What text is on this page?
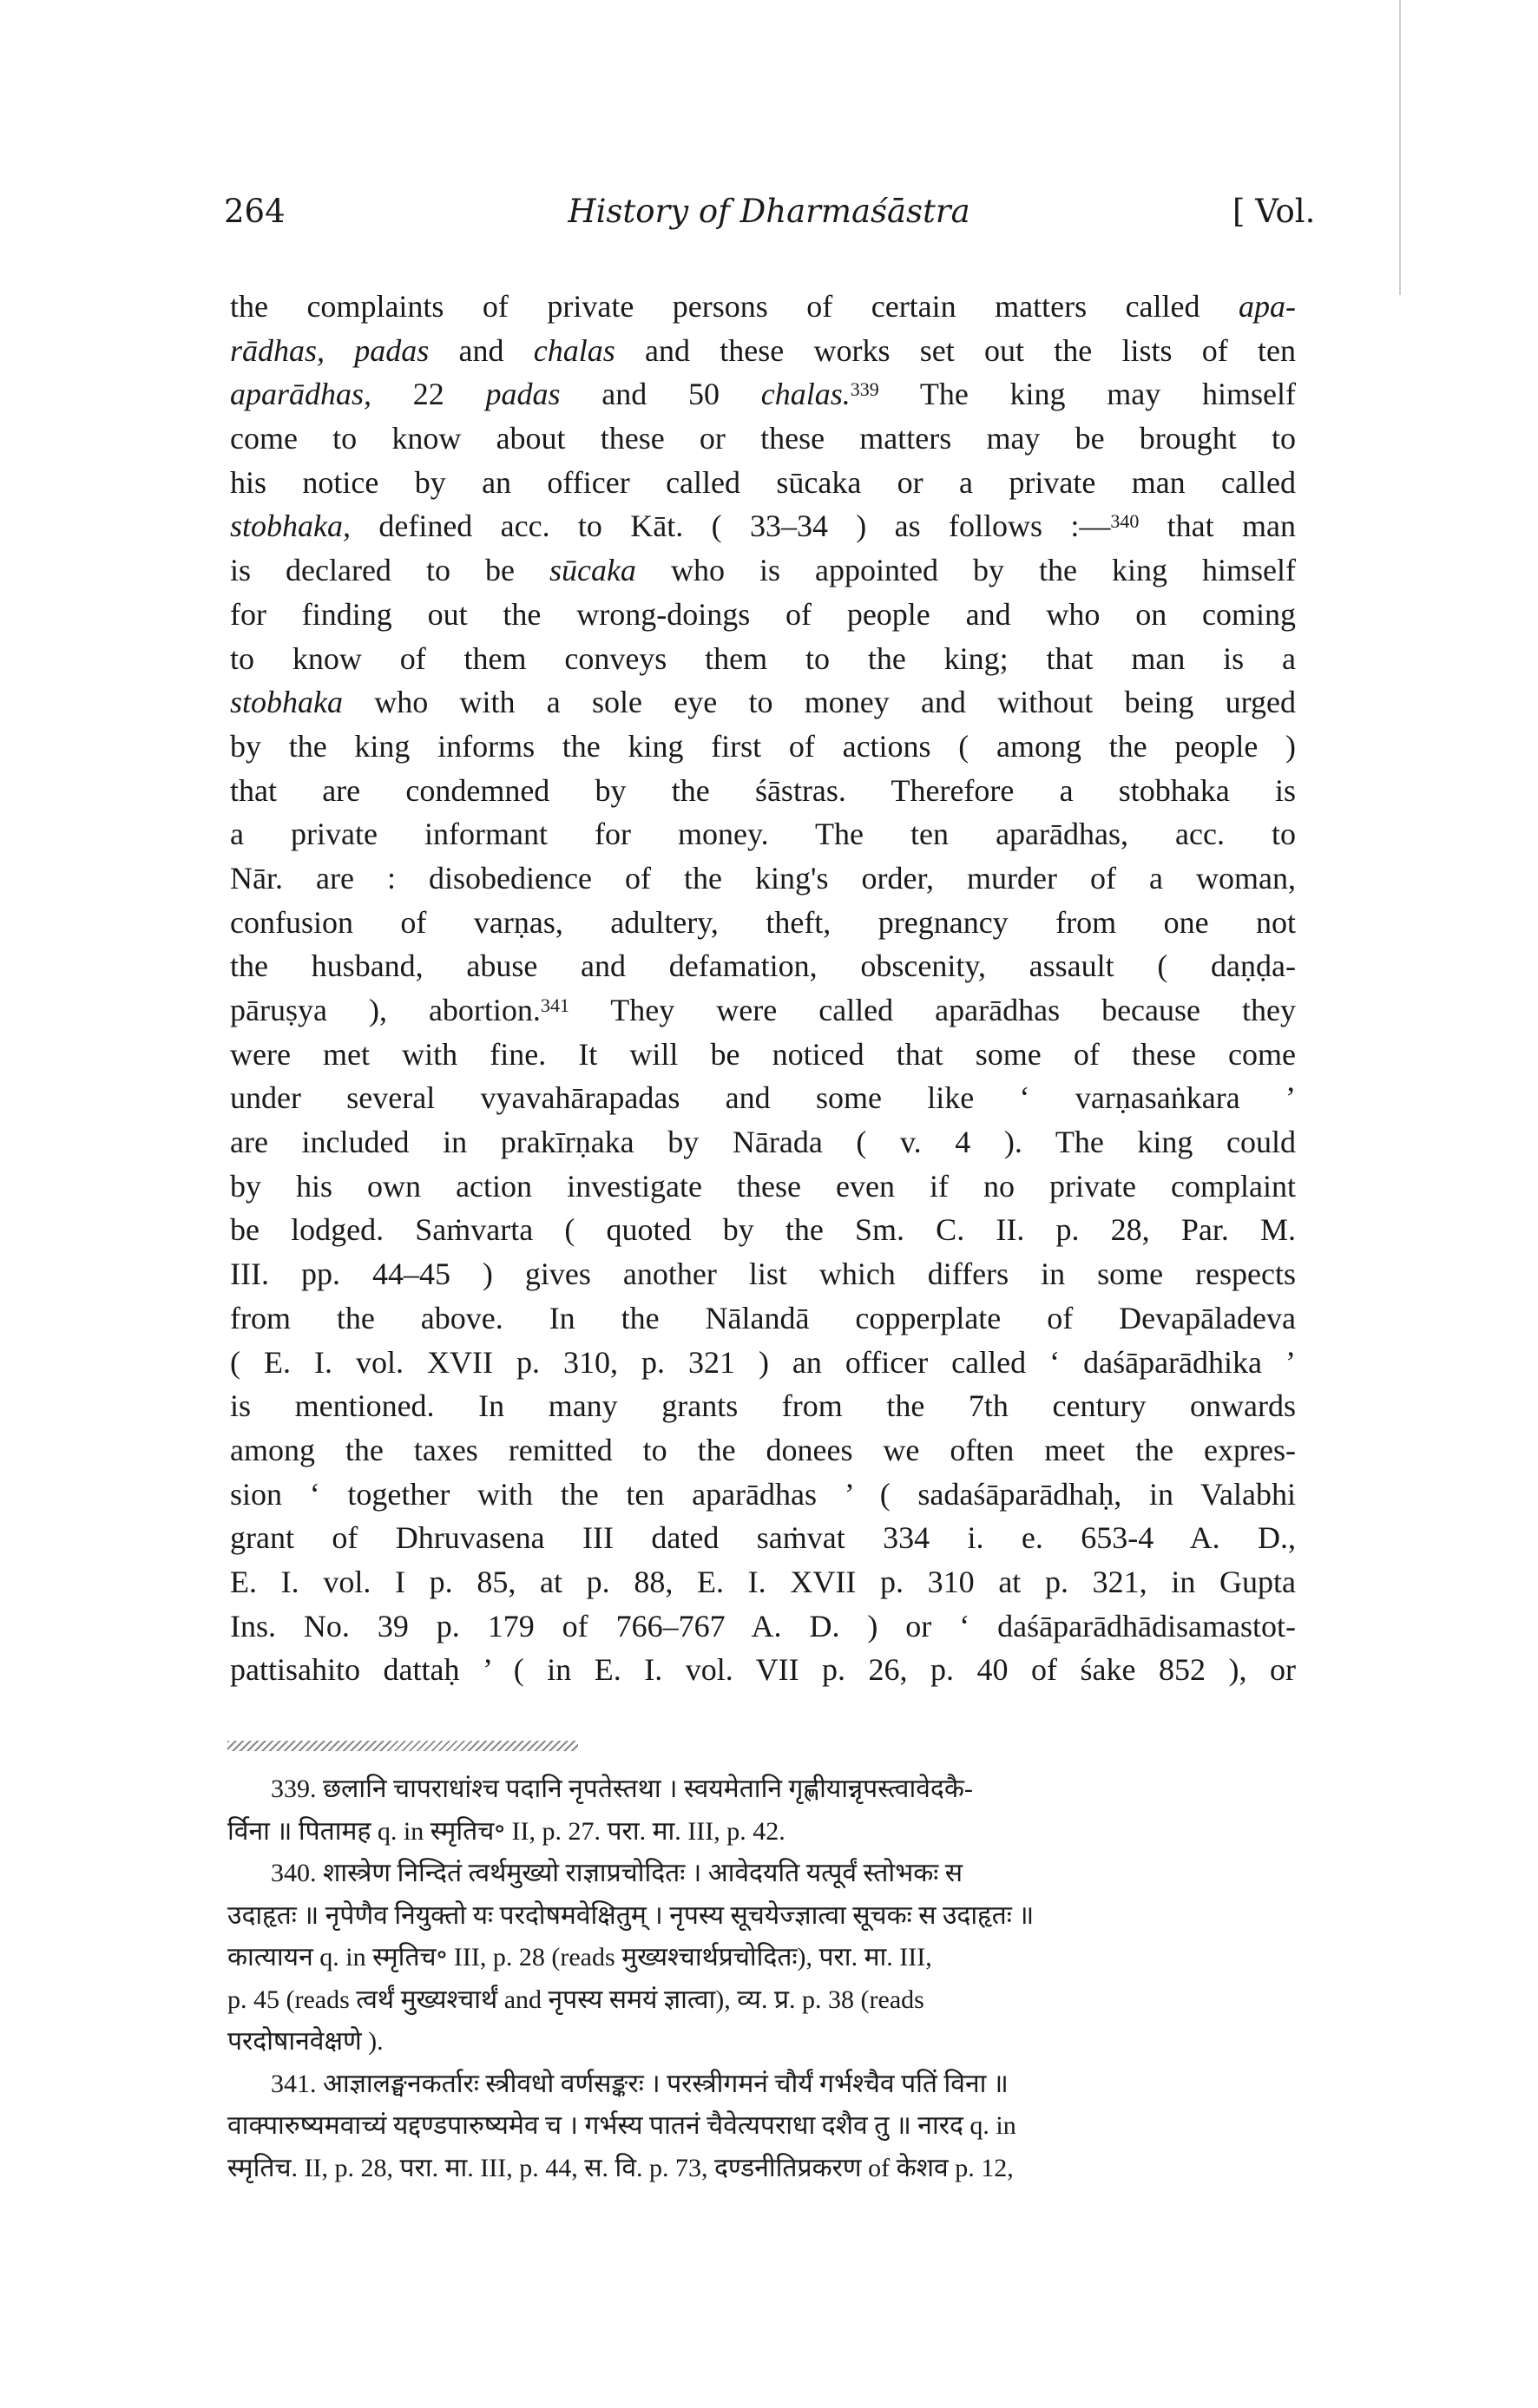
264	History of Dharmaśāstra	[ Vol.
the complaints of private persons of certain matters called apa-
rādhas, padas and chalas and these works set out the lists of ten
aparādhas, 22 padas and 50 chalas.$^{339}$ The king may himself
come to know about these or these matters may be brought to
his notice by an officer called sūcaka or a private man called
stobhaka, defined acc. to Kāt. ( 33–34 ) as follows :—$^{340}$ that man
is declared to be sūcaka who is appointed by the king himself
for finding out the wrong-doings of people and who on coming
to know of them conveys them to the king; that man is a
stobhaka who with a sole eye to money and without being urged
by the king informs the king first of actions ( among the people )
that are condemned by the śāstras. Therefore a stobhaka is
a private informant for money. The ten aparādhas, acc. to
Nār. are : disobedience of the king's order, murder of a woman,
confusion of varṇas, adultery, theft, pregnancy from one not
the husband, abuse and defamation, obscenity, assault ( daṇḍa-
pāruṣya ), abortion.$^{341}$ They were called aparādhas because they
were met with fine. It will be noticed that some of these come
under several vyavahārapadas and some like ‘ varṇasaṅkara ’
are included in prakīrṇaka by Nārada ( v. 4 ). The king could
by his own action investigate these even if no private complaint
be lodged. Saṁvarta ( quoted by the Sm. C. II. p. 28, Par. M.
III. pp. 44–45 ) gives another list which differs in some respects
from the above. In the Nālandā copperplate of Devapāladeva
( E. I. vol. XVII p. 310, p. 321 ) an officer called ‘ daśāparādhika ’
is mentioned. In many grants from the 7th century onwards
among the taxes remitted to the donees we often meet the expres-
sion ‘ together with the ten aparādhas ’ ( sadaśāparādhaḥ, in Valabhi
grant of Dhruvasena III dated saṁvat 334 i. e. 653-4 A. D.,
E. I. vol. I p. 85, at p. 88, E. I. XVII p. 310 at p. 321, in Gupta
Ins. No. 39 p. 179 of 766–767 A. D. ) or ‘ daśāparādhādisamastot-
pattisahito dattaḥ ’ ( in E. I. vol. VII p. 26, p. 40 of śake 852 ), or
339. छलानि चापराधांश्च पदानि नृपतेस्तथा । स्वयमेतानि गृह्णीयान्नृपस्त्वावेदकै-
र्विना ॥ पितामह q. in स्मृतिच॰ II, p. 27. परा. मा. III, p. 42.
340. शास्त्रेण निन्दितं त्वर्थमुख्यो राज्ञाप्रचोदितः । आवेदयति यत्पूर्वं स्तोभकः स
उदाहृतः ॥ नृपेणैव नियुक्तो यः परदोषमवेक्षितुम् । नृपस्य सूचयेज्ज्ञात्वा सूचकः स उदाहृतः ॥
कात्यायन q. in स्मृतिच॰ III, p. 28 (reads मुख्यश्चार्थप्रचोदितः), परा. मा. III,
p. 45 (reads त्वर्थं मुख्यश्चार्थं and नृपस्य समयं ज्ञात्वा), व्य. प्र. p. 38 (reads
परदोषानवेक्षणे ).
341. आज्ञालङ्घनकर्तारः स्त्रीवधो वर्णसङ्करः । परस्त्रीगमनं चौर्यं गर्भश्चैव पतिं विना ॥
वाक्पारुष्यमवाच्यं यद्दण्डपारुष्यमेव च । गर्भस्य पातनं चैवेत्यपराधा दशैव तु ॥ नारद q. in
स्मृतिच. II, p. 28, परा. मा. III, p. 44, स. वि. p. 73, दण्डनीतिप्रकरण of केशव p. 12,
